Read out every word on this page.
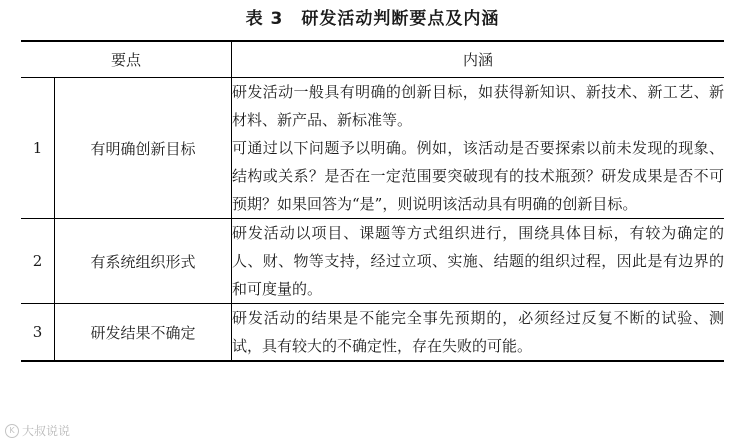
表 3 研发活动判断要点及内涵
要点		内涵
1	有明确创新目标	研发活动一般具有明确的创新目标，如获得新知识、新技术、新工艺、新材料、新产品、新标准等。

可通过以下问题予以明确。例如，该活动是否要探索以前未发现的现象、结构或关系？是否在一定范围要突破现有的技术瓶颈？研发成果是否不可预期？如果回答为“是”，则说明该活动具有明确的创新目标。

2	有系统组织形式	研发活动以项目、课题等方式组织进行，围绕具体目标，有较为确定的人、财、物等支持，经过立项、实施、结题的组织过程，因此是有边界的和可度量的。

3	研发结果不确定	研发活动的结果是不能完全事先预期的，必须经过反复不断的试验、测试，具有较大的不确定性，存在失败的可能。

K 大叔说说
